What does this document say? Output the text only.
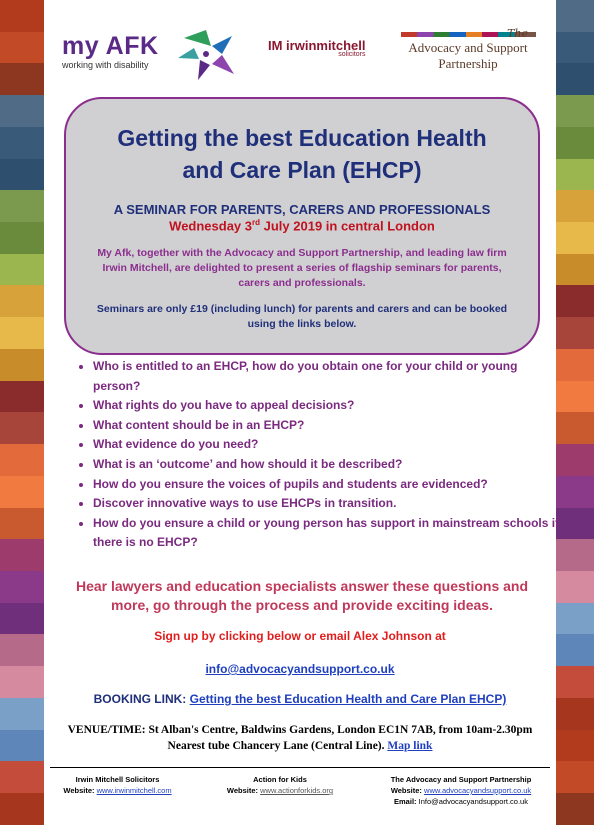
my AFK
working with disability
IM irwinmitchell
solicitors
The
Advocacy and Support
Partnership
Getting the best Education Health and Care Plan (EHCP)
A SEMINAR FOR PARENTS, CARERS AND PROFESSIONALS
Wednesday 3rd July 2019 in central London
My Afk, together with the Advocacy and Support Partnership, and leading law firm Irwin Mitchell, are delighted to present a series of flagship seminars for parents, carers and professionals.
Seminars are only £19 (including lunch) for parents and carers and can be booked using the links below.
• Who is entitled to an EHCP, how do you obtain one for your child or young person?
• What rights do you have to appeal decisions?
• What content should be in an EHCP?
• What evidence do you need?
• What is an ‘outcome’ and how should it be described?
• How do you ensure the voices of pupils and students are evidenced?
• Discover innovative ways to use EHCPs in transition.
• How do you ensure a child or young person has support in mainstream schools if there is no EHCP?
Hear lawyers and education specialists answer these questions and more, go through the process and provide exciting ideas.
Sign up by clicking below or email Alex Johnson at
info@advocacyandsupport.co.uk
BOOKING LINK: Getting the best Education Health and Care Plan EHCP)
VENUE/TIME: St Alban's Centre, Baldwins Gardens, London EC1N 7AB, from 10am-2.30pm
Nearest tube Chancery Lane (Central Line). Map link
Irwin Mitchell Solicitors
Website: www.irwinmitchell.com
Action for Kids
Website: www.actionforkids.org
The Advocacy and Support Partnership
Website: www.advocacyandsupport.co.uk
Email: Info@advocacyandsupport.co.uk
